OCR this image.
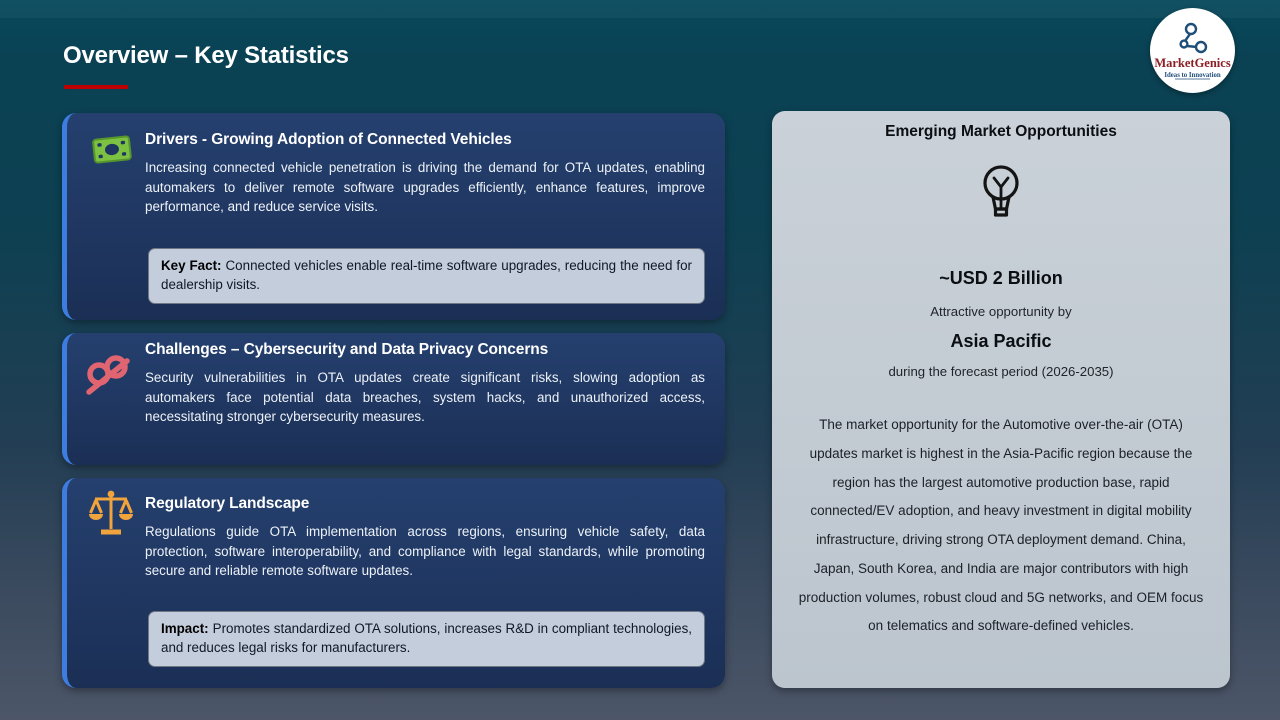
Overview – Key Statistics	MarketGenics
Ideas to Innovation
Drivers - Growing Adoption of Connected Vehicles
Increasing connected vehicle penetration is driving the demand for OTA updates, enabling automakers to deliver remote software upgrades efficiently, enhance features, improve performance, and reduce service visits.
Key Fact: Connected vehicles enable real-time software upgrades, reducing the need for dealership visits.
Challenges – Cybersecurity and Data Privacy Concerns
Security vulnerabilities in OTA updates create significant risks, slowing adoption as automakers face potential data breaches, system hacks, and unauthorized access, necessitating stronger cybersecurity measures.
Regulatory Landscape
Regulations guide OTA implementation across regions, ensuring vehicle safety, data protection, software interoperability, and compliance with legal standards, while promoting secure and reliable remote software updates.
Impact: Promotes standardized OTA solutions, increases R&D in compliant technologies, and reduces legal risks for manufacturers.
Emerging Market Opportunities
~USD 2 Billion
Attractive opportunity by
Asia Pacific
during the forecast period (2026-2035)
The market opportunity for the Automotive over-the-air (OTA) updates market is highest in the Asia-Pacific region because the region has the largest automotive production base, rapid connected/EV adoption, and heavy investment in digital mobility infrastructure, driving strong OTA deployment demand. China, Japan, South Korea, and India are major contributors with high production volumes, robust cloud and 5G networks, and OEM focus on telematics and software-defined vehicles.
